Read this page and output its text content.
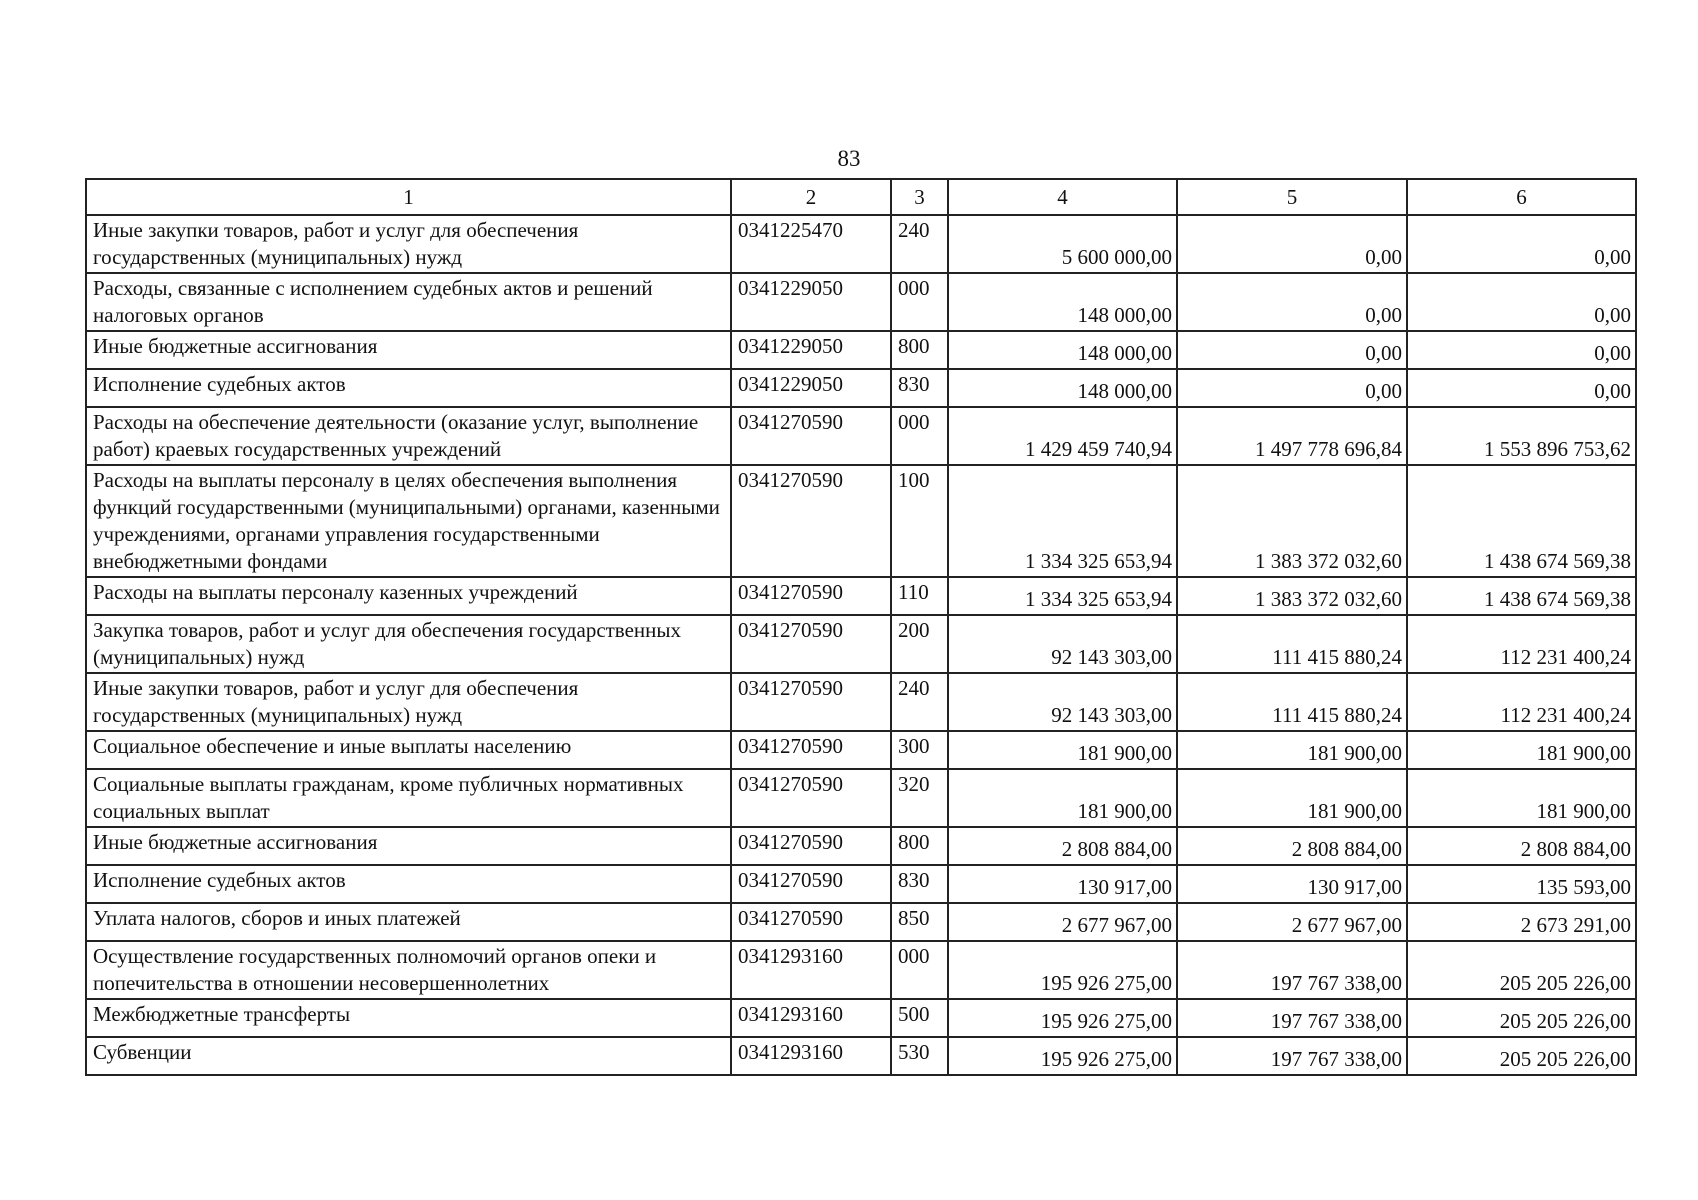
83
1	2	3	4	5	6
Иные закупки товаров, работ и услуг для обеспечения государственных (муниципальных) нужд	0341225470	240	5 600 000,00	0,00	0,00
Расходы, связанные с исполнением судебных актов и решений налоговых органов	0341229050	000	148 000,00	0,00	0,00
Иные бюджетные ассигнования	0341229050	800	148 000,00	0,00	0,00
Исполнение судебных актов	0341229050	830	148 000,00	0,00	0,00
Расходы на обеспечение деятельности (оказание услуг, выполнение работ) краевых государственных учреждений	0341270590	000	1 429 459 740,94	1 497 778 696,84	1 553 896 753,62
Расходы на выплаты персоналу в целях обеспечения выполнения функций государственными (муниципальными) органами, казенными учреждениями, органами управления государственными внебюджетными фондами	0341270590	100	1 334 325 653,94	1 383 372 032,60	1 438 674 569,38
Расходы на выплаты персоналу казенных учреждений	0341270590	110	1 334 325 653,94	1 383 372 032,60	1 438 674 569,38
Закупка товаров, работ и услуг для обеспечения государственных (муниципальных) нужд	0341270590	200	92 143 303,00	111 415 880,24	112 231 400,24
Иные закупки товаров, работ и услуг для обеспечения государственных (муниципальных) нужд	0341270590	240	92 143 303,00	111 415 880,24	112 231 400,24
Социальное обеспечение и иные выплаты населению	0341270590	300	181 900,00	181 900,00	181 900,00
Социальные выплаты гражданам, кроме публичных нормативных социальных выплат	0341270590	320	181 900,00	181 900,00	181 900,00
Иные бюджетные ассигнования	0341270590	800	2 808 884,00	2 808 884,00	2 808 884,00
Исполнение судебных актов	0341270590	830	130 917,00	130 917,00	135 593,00
Уплата налогов, сборов и иных платежей	0341270590	850	2 677 967,00	2 677 967,00	2 673 291,00
Осуществление государственных полномочий органов опеки и попечительства в отношении несовершеннолетних	0341293160	000	195 926 275,00	197 767 338,00	205 205 226,00
Межбюджетные трансферты	0341293160	500	195 926 275,00	197 767 338,00	205 205 226,00
Субвенции	0341293160	530	195 926 275,00	197 767 338,00	205 205 226,00
